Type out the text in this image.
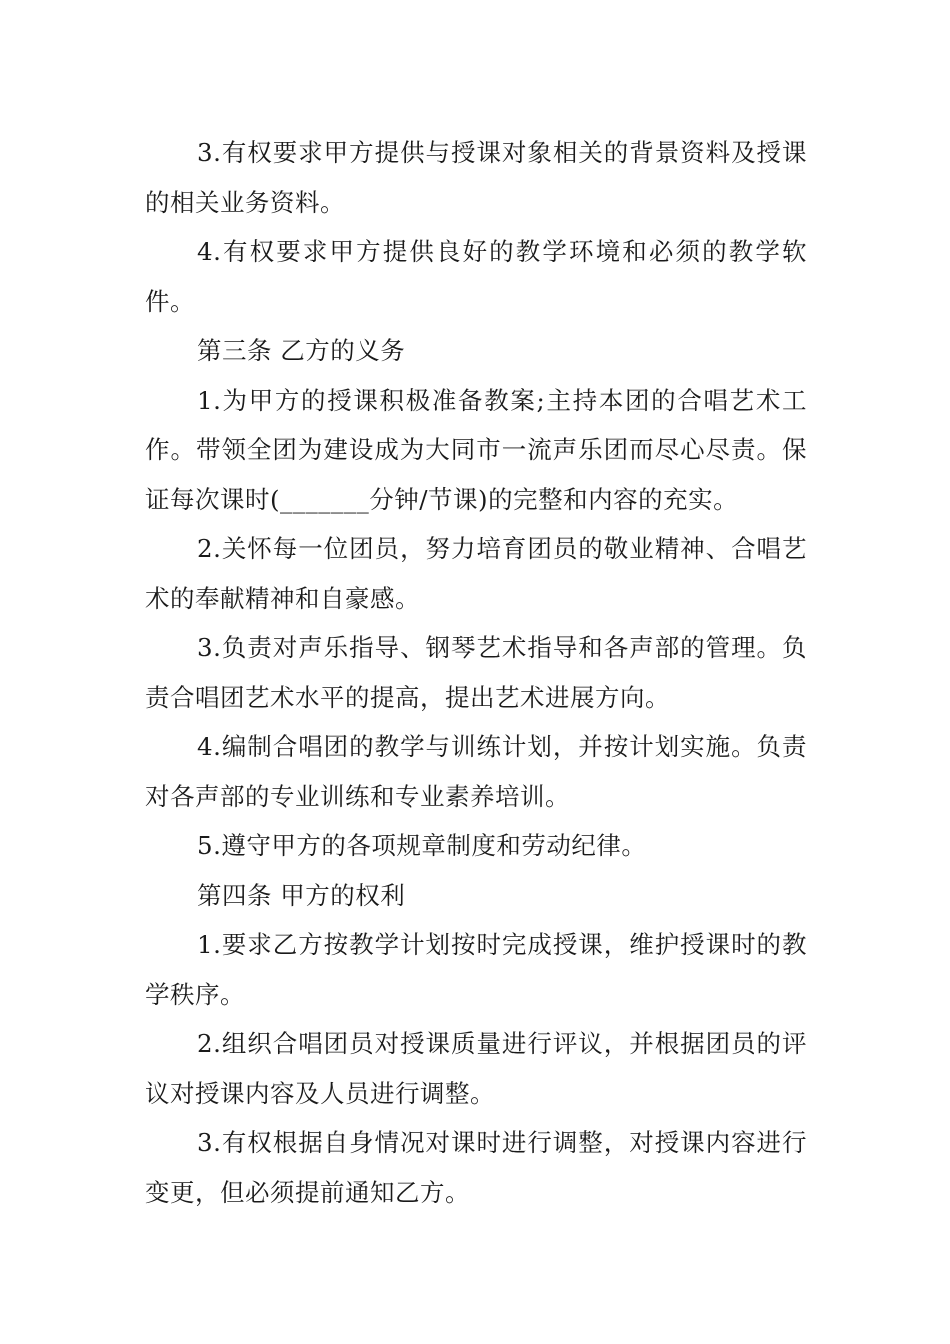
3.有权要求甲方提供与授课对象相关的背景资料及授课的相关业务资料。

4.有权要求甲方提供良好的教学环境和必须的教学软件。

第三条 乙方的义务

1.为甲方的授课积极准备教案;主持本团的合唱艺术工作。带领全团为建设成为大同市一流声乐团而尽心尽责。保证每次课时(_______分钟/节课)的完整和内容的充实。

2.关怀每一位团员，努力培育团员的敬业精神、合唱艺术的奉献精神和自豪感。

3.负责对声乐指导、钢琴艺术指导和各声部的管理。负责合唱团艺术水平的提高，提出艺术进展方向。

4.编制合唱团的教学与训练计划，并按计划实施。负责对各声部的专业训练和专业素养培训。

5.遵守甲方的各项规章制度和劳动纪律。

第四条 甲方的权利

1.要求乙方按教学计划按时完成授课，维护授课时的教学秩序。

2.组织合唱团员对授课质量进行评议，并根据团员的评议对授课内容及人员进行调整。

3.有权根据自身情况对课时进行调整，对授课内容进行变更，但必须提前通知乙方。
